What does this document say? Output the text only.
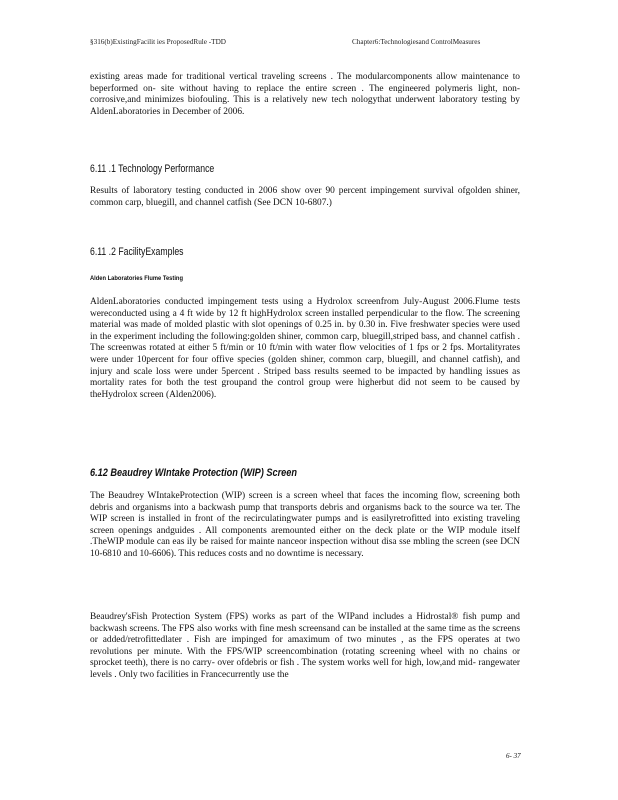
§316(b)ExistingFacilit ies ProposedRule -TDD	Chapter6:Technologiesand ControlMeasures
existing areas made for traditional vertical traveling screens . The modularcomponents allow maintenance to beperformed on- site without having to replace the entire screen . The engineered polymeris light, non-corrosive,and minimizes biofouling. This is a relatively new tech nologythat underwent laboratory testing by AldenLaboratories in December of 2006.
6.11 .1 Technology Performance
Results of laboratory testing conducted in 2006 show over 90 percent impingement survival ofgolden shiner, common carp, bluegill, and channel catfish (See DCN 10-6807.)
6.11 .2 FacilityExamples
Alden Laboratories Flume Testing
AldenLaboratories conducted impingement tests using a Hydrolox screenfrom July-August 2006.Flume tests wereconducted using a 4 ft wide by 12 ft highHydrolox screen installed perpendicular to the flow. The screening material was made of molded plastic with slot openings of 0.25 in. by 0.30 in. Five freshwater species were used in the experiment including the following:golden shiner, common carp, bluegill,striped bass, and channel catfish . The screenwas rotated at either 5 ft/min or 10 ft/min with water flow velocities of 1 fps or 2 fps. Mortalityrates were under 10percent for four offive species (golden shiner, common carp, bluegill, and channel catfish), and injury and scale loss were under 5percent . Striped bass results seemed to be impacted by handling issues as mortality rates for both the test groupand the control group were higherbut did not seem to be caused by theHydrolox screen (Alden2006).
6.12 Beaudrey WIntake Protection (WIP) Screen
The Beaudrey WIntakeProtection (WIP) screen is a screen wheel that faces the incoming flow, screening both debris and organisms into a backwash pump that transports debris and organisms back to the source wa ter. The WIP screen is installed in front of the recirculatingwater pumps and is easilyretrofitted into existing traveling screen openings andguides . All components aremounted either on the deck plate or the WIP module itself .TheWIP module can eas ily be raised for mainte nanceor inspection without disa sse mbling the screen (see DCN 10-6810 and 10-6606). This reduces costs and no downtime is necessary.
Beaudrey'sFish Protection System (FPS) works as part of the WIPand includes a Hidrostal® fish pump and backwash screens. The FPS also works with fine mesh screensand can be installed at the same time as the screens or added/retrofittedlater . Fish are impinged for amaximum of two minutes , as the FPS operates at two revolutions per minute. With the FPS/WIP screencombination (rotating screening wheel with no chains or sprocket teeth), there is no carry- over ofdebris or fish . The system works well for high, low,and mid- rangewater levels . Only two facilities in Francecurrently use the
6- 37
